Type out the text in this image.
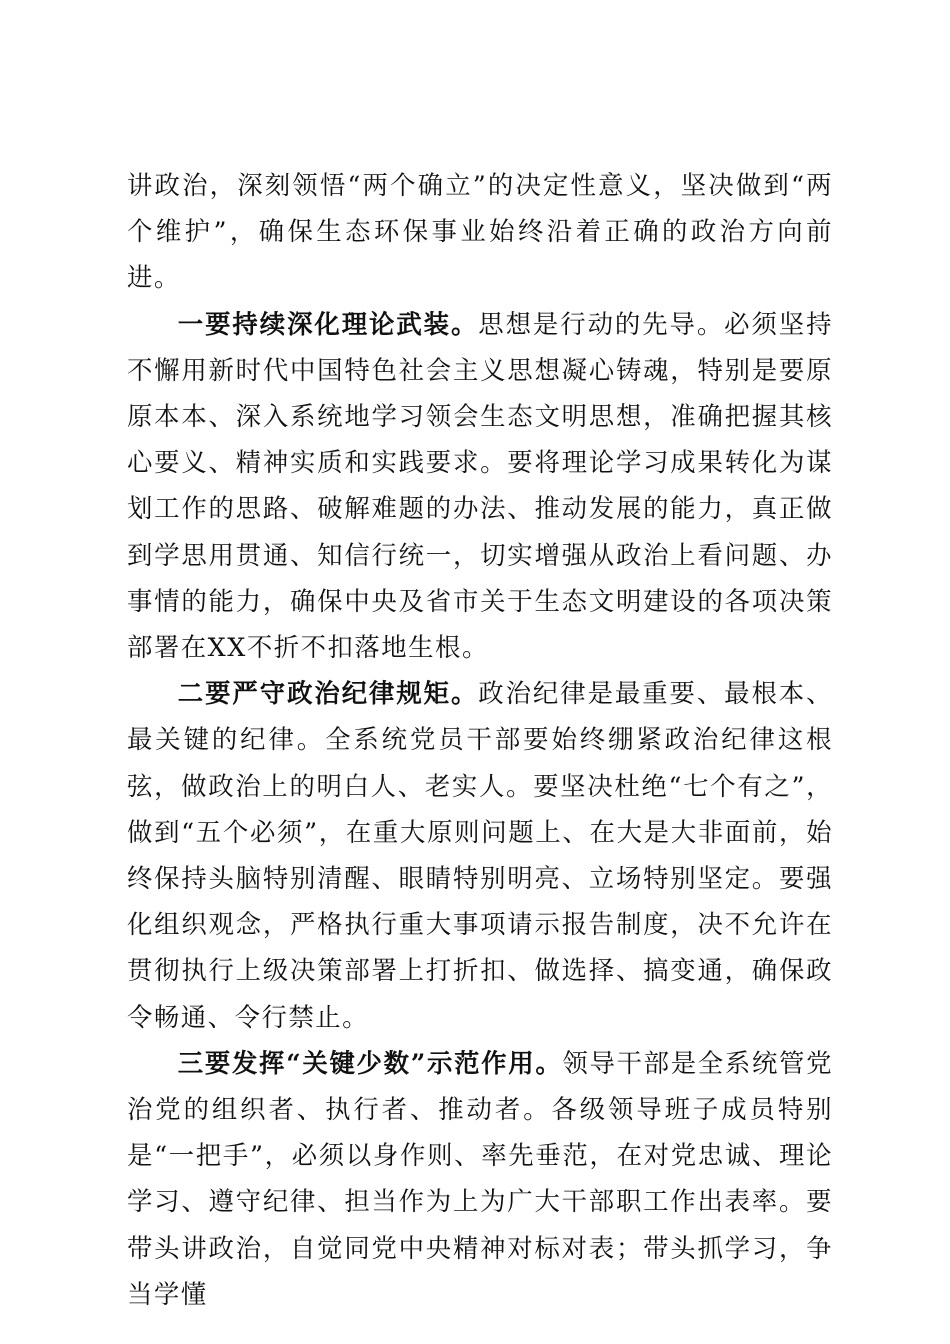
讲政治，深刻领悟“两个确立”的决定性意义，坚决做到“两个维护”，确保生态环保事业始终沿着正确的政治方向前进。

一要持续深化理论武装。思想是行动的先导。必须坚持不懈用新时代中国特色社会主义思想凝心铸魂，特别是要原原本本、深入系统地学习领会生态文明思想，准确把握其核心要义、精神实质和实践要求。要将理论学习成果转化为谋划工作的思路、破解难题的办法、推动发展的能力，真正做到学思用贯通、知信行统一，切实增强从政治上看问题、办事情的能力，确保中央及省市关于生态文明建设的各项决策部署在XX不折不扣落地生根。

二要严守政治纪律规矩。政治纪律是最重要、最根本、最关键的纪律。全系统党员干部要始终绷紧政治纪律这根弦，做政治上的明白人、老实人。要坚决杜绝“七个有之”，做到“五个必须”，在重大原则问题上、在大是大非面前，始终保持头脑特别清醒、眼睛特别明亮、立场特别坚定。要强化组织观念，严格执行重大事项请示报告制度，决不允许在贯彻执行上级决策部署上打折扣、做选择、搞变通，确保政令畅通、令行禁止。

三要发挥“关键少数”示范作用。领导干部是全系统管党治党的组织者、执行者、推动者。各级领导班子成员特别是“一把手”，必须以身作则、率先垂范，在对党忠诚、理论学习、遵守纪律、担当作为上为广大干部职工作出表率。要带头讲政治，自觉同党中央精神对标对表；带头抓学习，争当学懂
